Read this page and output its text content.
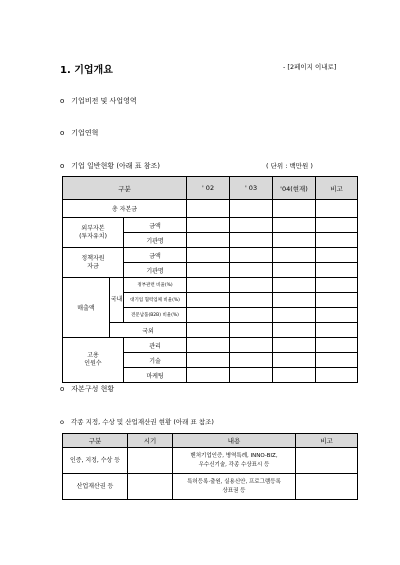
1. 기업개요	- [2페이지 이내로]
o 기업비전 및 사업영역
o 기업연혁
o 기업 일반현황 (아래 표 참조)	( 단위 : 백만원 )
구분			' 02	' 03	'04(현재)	비고
총 자본금						
외부자본
(투자유치)		금액				
		기관명				
정책자원
자금		금액				
		기관명				
매출액	국내	정부관련 비율(%)				
		대기업 협력업체 비율(%)				
		전문납품(B2B) 비율(%)				
	국외					
고용
인원수		관리				
		기술				
		마케팅				
o 자본구성 현황
o 각종 지정, 수상 및 산업재산권 현황 (아래 표 참조)
구분	시기	내용	비고
인증, 지정, 수상 등		벤처기업인증, 병역특례, INNO-BIZ,
우수신기술, 각종 수상표시 등	
산업재산권 등		특허등록·출원, 실용신안, 프로그램등록
상표권 등	
